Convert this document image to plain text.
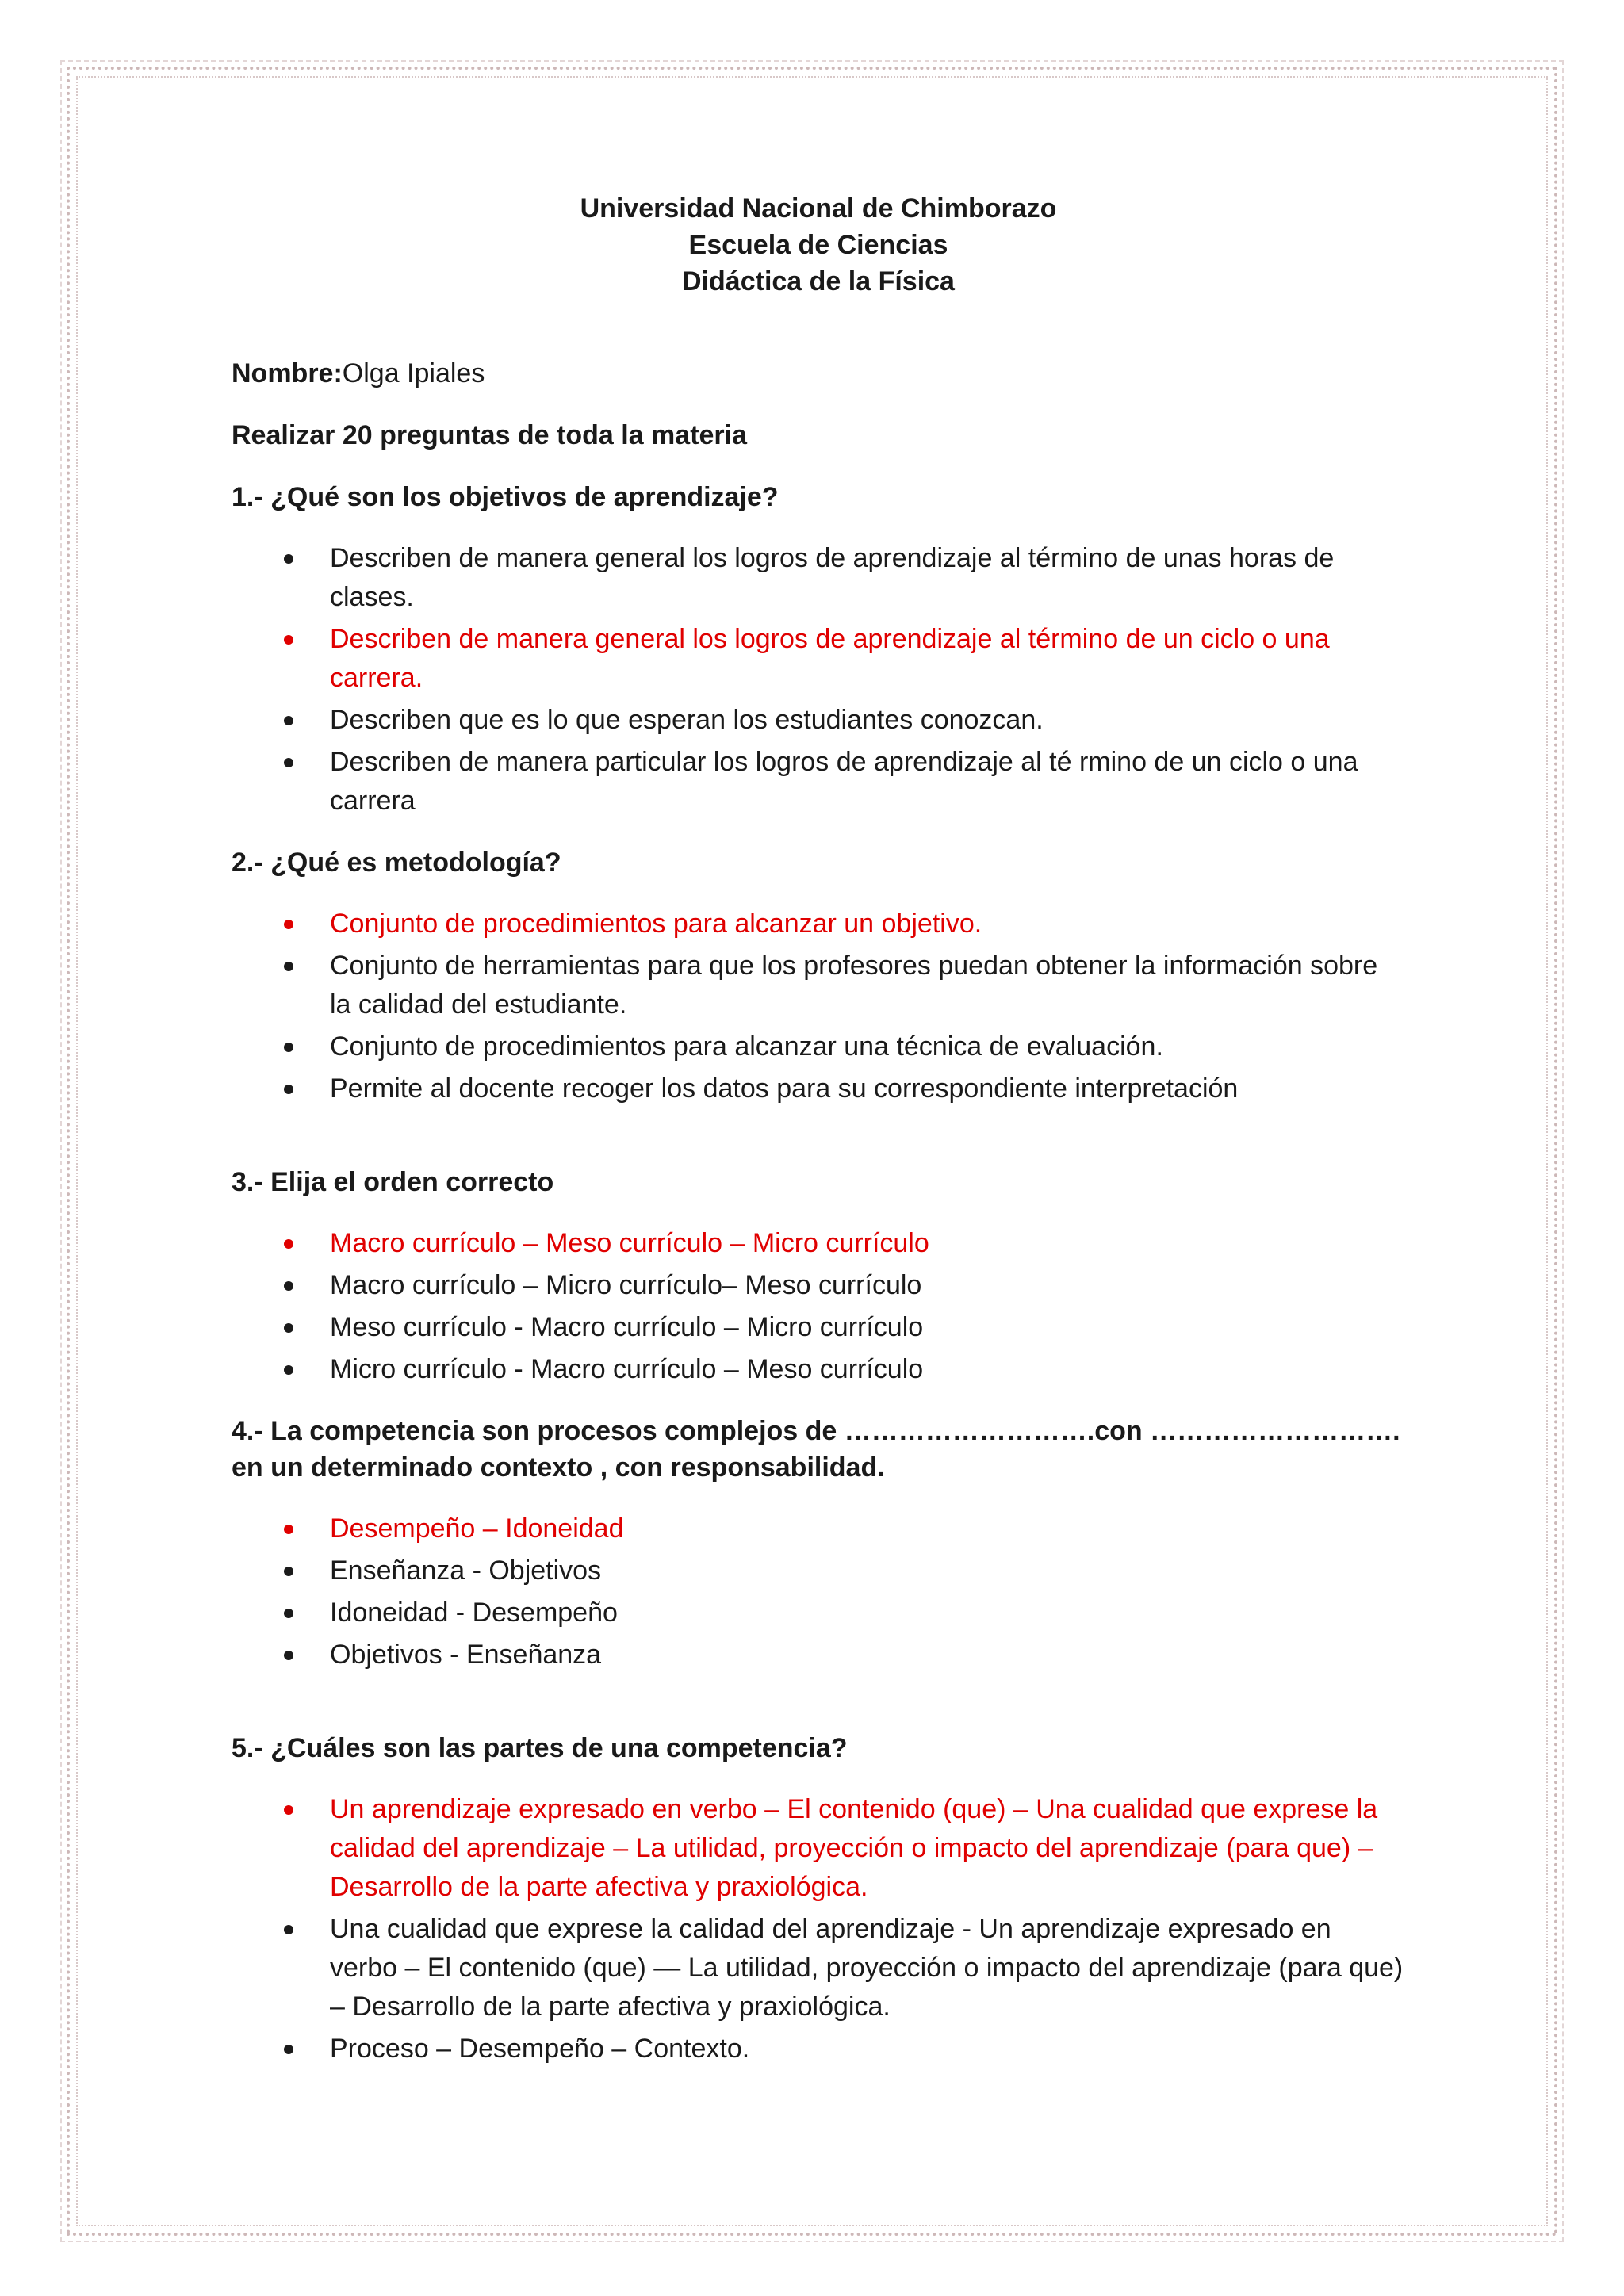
Universidad Nacional de Chimborazo
Escuela de Ciencias
Didáctica de la Física
Nombre:Olga Ipiales
Realizar 20 preguntas de toda la materia
1.- ¿Qué son los objetivos de aprendizaje?
Describen de manera general los logros de aprendizaje al término de unas horas de clases.
Describen de manera general los logros de aprendizaje al término de un ciclo o una carrera.
Describen que es lo que esperan los estudiantes conozcan.
Describen de manera particular los logros de aprendizaje al té rmino de un ciclo o una carrera
2.- ¿Qué es metodología?
Conjunto de procedimientos para alcanzar un objetivo.
Conjunto de herramientas para que los profesores puedan obtener la información sobre la calidad del estudiante.
Conjunto de procedimientos para alcanzar una técnica de evaluación.
Permite al docente recoger los datos para su correspondiente interpretación
3.- Elija el orden correcto
Macro currículo – Meso currículo – Micro currículo
Macro currículo – Micro currículo– Meso currículo
Meso currículo - Macro currículo – Micro currículo
Micro currículo - Macro currículo – Meso currículo
4.- La competencia son procesos complejos de ……………………….con ………………………. en un determinado contexto , con responsabilidad.
Desempeño – Idoneidad
Enseñanza - Objetivos
Idoneidad - Desempeño
Objetivos - Enseñanza
5.- ¿Cuáles son las partes de una competencia?
Un aprendizaje expresado en verbo – El contenido (que) – Una cualidad que exprese la calidad del aprendizaje – La utilidad, proyección o impacto del aprendizaje (para que) – Desarrollo de la parte afectiva y praxiológica.
Una cualidad que exprese la calidad del aprendizaje - Un aprendizaje expresado en verbo – El contenido (que) — La utilidad, proyección o impacto del aprendizaje (para que) – Desarrollo de la parte afectiva y praxiológica.
Proceso – Desempeño – Contexto.
